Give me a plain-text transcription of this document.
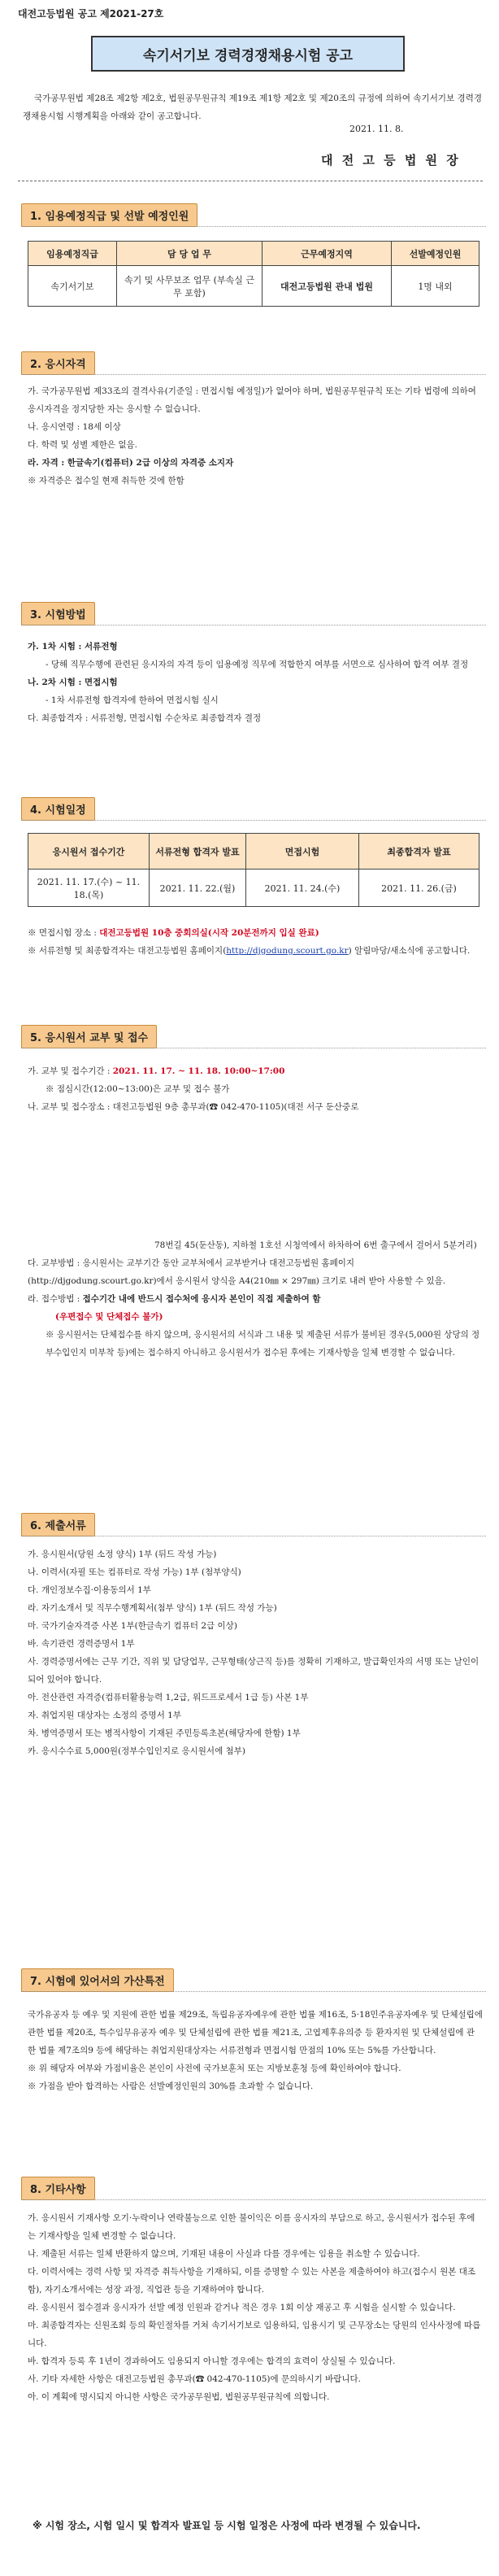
대전고등법원 공고 제2021-27호
속기서기보 경력경쟁채용시험 공고
국가공무원법 제28조 제2항 제2호, 법원공무원규칙 제19조 제1항 제2호 및 제20조의 규정에 의하여 속기서기보 경력경쟁채용시험 시행계획을 아래와 같이 공고합니다.
2021. 11. 8.
대 전 고 등 법 원 장
1. 임용예정직급 및 선발 예정인원
임용예정직급	담 당 업 무	근무예정지역	선발예정인원
속기서기보	속기 및 사무보조 업무 (부속실 근무 포함)	대전고등법원 관내 법원	1명 내외
2. 응시자격

가. 국가공무원법 제33조의 결격사유(기준일 : 면접시험 예정일)가 없어야 하며, 법원공무원규칙 또는 기타 법령에 의하여 응시자격을 정지당한 자는 응시할 수 없습니다.

나. 응시연령 : 18세 이상

다. 학력 및 성별 제한은 없음.

라. 자격 : 한글속기(컴퓨터) 2급 이상의 자격증 소지자

※ 자격증은 접수일 현재 취득한 것에 한함

3. 시험방법

가. 1차 시험 : 서류전형

- 당해 직무수행에 관련된 응시자의 자격 등이 임용예정 직무에 적합한지 여부를 서면으로 심사하여 합격 여부 결정

나. 2차 시험 : 면접시험

- 1차 서류전형 합격자에 한하여 면접시험 실시

다. 최종합격자 : 서류전형, 면접시험 수순차로 최종합격자 결정

4. 시험일정
응시원서 접수기간	서류전형 합격자 발표	면접시험	최종합격자 발표
2021. 11. 17.(수) ~ 11. 18.(목)	2021. 11. 22.(월)	2021. 11. 24.(수)	2021. 11. 26.(금)

※ 면접시험 장소 : 대전고등법원 10층 중회의실(시작 20분전까지 입실 완료)

※ 서류전형 및 최종합격자는 대전고등법원 홈페이지(http://djgodung.scourt.go.kr) 알림마당/새소식에 공고합니다.

5. 응시원서 교부 및 접수

가. 교부 및 접수기간 : 2021. 11. 17. ~ 11. 18. 10:00~17:00

※ 점심시간(12:00~13:00)은 교부 및 접수 불가

나. 교부 및 접수장소 : 대전고등법원 9층 총무과(☎ 042-470-1105)(대전 서구 둔산중로

78번길 45(둔산동), 지하철 1호선 시청역에서 하차하여 6번 출구에서 걸어서 5분거리)

다. 교부방법 : 응시원서는 교부기간 동안 교부처에서 교부받거나 대전고등법원 홈페이지(http://djgodung.scourt.go.kr)에서 응시원서 양식을 A4(210㎜ × 297㎜) 크기로 내려 받아 사용할 수 있음.

라. 접수방법 : 접수기간 내에 반드시 접수처에 응시자 본인이 직접 제출하여 함

(우편접수 및 단체접수 불가)

※ 응시원서는 단체접수를 하지 않으며, 응시원서의 서식과 그 내용 및 제출된 서류가 불비된 경우(5,000원 상당의 정부수입인지 미부착 등)에는 접수하지 아니하고 응시원서가 접수된 후에는 기재사항을 일체 변경할 수 없습니다.

6. 제출서류

가. 응시원서(당원 소정 양식) 1부 (뒤드 작성 가능)

나. 이력서(자필 또는 컴퓨터로 작성 가능) 1부 (첨부양식)

다. 개인정보수집·이용동의서 1부

라. 자기소개서 및 직무수행계획서(첨부 양식) 1부 (뒤드 작성 가능)

마. 국가기술자격증 사본 1부(한글속기 컴퓨터 2급 이상)

바. 속기관련 경력증명서 1부

사. 경력증명서에는 근무 기간, 직위 및 담당업무, 근무형태(상근직 등)를 정확히 기재하고, 발급확인자의 서명 또는 날인이 되어 있어야 합니다.

아. 전산관련 자격증(컴퓨터활용능력 1,2급, 워드프로세서 1급 등) 사본 1부

자. 취업지원 대상자는 소정의 증명서 1부

차. 병역증명서 또는 병적사항이 기재된 주민등록초본(해당자에 한함) 1부

카. 응시수수료 5,000원(정부수입인지로 응시원서에 첨부)

7. 시험에 있어서의 가산특전

국가유공자 등 예우 및 지원에 관한 법률 제29조, 독립유공자예우에 관한 법률 제16조, 5·18민주유공자예우 및 단체설립에 관한 법률 제20조, 특수임무유공자 예우 및 단체설립에 관한 법률 제21조, 고엽제후유의증 등 환자지원 및 단체설립에 관한 법률 제7조의9 등에 해당하는 취업지원대상자는 서류전형과 면접시험 만점의 10% 또는 5%를 가산합니다.

※ 위 해당자 여부와 가점비율은 본인이 사전에 국가보훈처 또는 지방보훈청 등에 확인하여야 합니다.

※ 가점을 받아 합격하는 사람은 선발예정인원의 30%를 초과할 수 없습니다.

8. 기타사항

가. 응시원서 기재사항 오기·누락이나 연락불능으로 인한 불이익은 이를 응시자의 부담으로 하고, 응시원서가 접수된 후에는 기재사항을 일체 변경할 수 없습니다.

나. 제출된 서류는 일체 반환하지 않으며, 기재된 내용이 사실과 다를 경우에는 임용을 취소할 수 있습니다.

다. 이력서에는 경력 사항 및 자격증 취득사항을 기재하되, 이를 증명할 수 있는 사본을 제출하여야 하고(접수시 원본 대조함), 자기소개서에는 성장 과정, 직업관 등을 기재하여야 합니다.

라. 응시원서 접수결과 응시자가 선발 예정 인원과 같거나 적은 경우 1회 이상 재공고 후 시험을 실시할 수 있습니다.

마. 최종합격자는 신원조회 등의 확인절차를 거쳐 속기서기보로 임용하되, 임용시기 및 근무장소는 당원의 인사사정에 따릅니다.

바. 합격자 등록 후 1년이 경과하여도 임용되지 아니할 경우에는 합격의 효력이 상실될 수 있습니다.

사. 기타 자세한 사항은 대전고등법원 총무과(☎ 042-470-1105)에 문의하시기 바랍니다.

아. 이 계획에 명시되지 아니한 사항은 국가공무원법, 법원공무원규칙에 의합니다.

※ 시험 장소, 시험 일시 및 합격자 발표일 등 시험 일정은 사정에 따라 변경될 수 있습니다.
